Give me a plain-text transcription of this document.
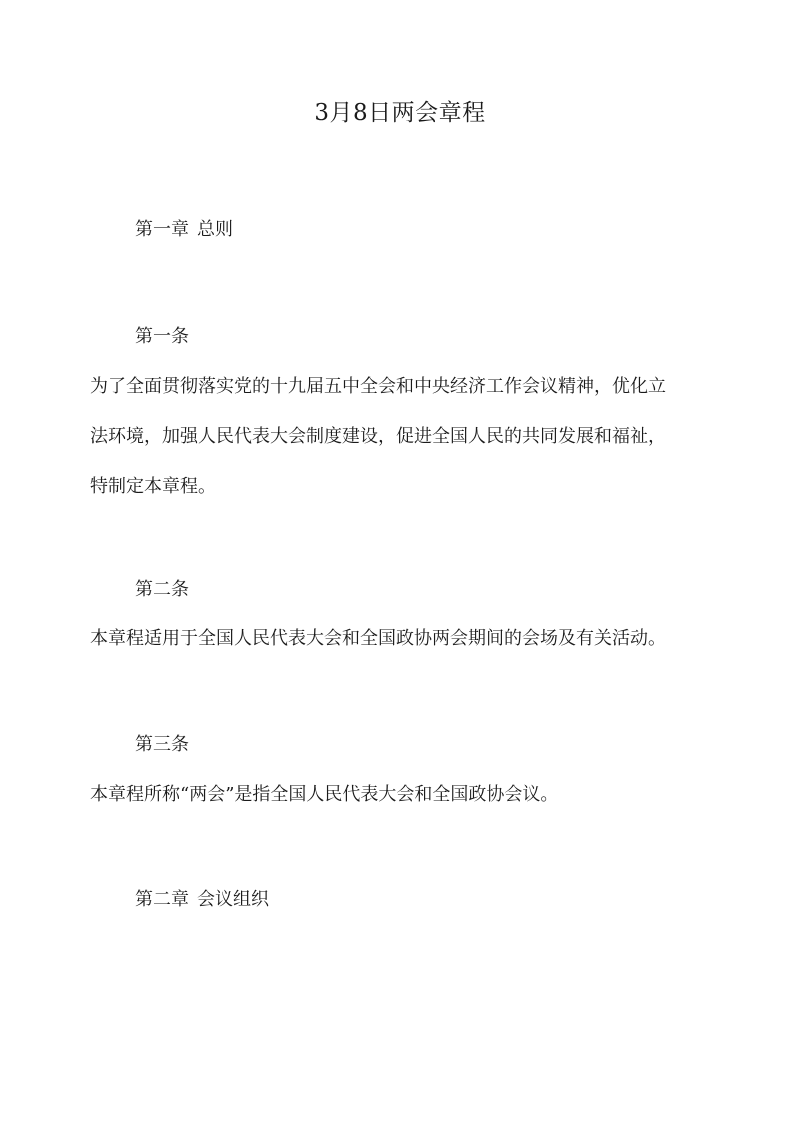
3月8日两会章程
第一章 总则
第一条
为了全面贯彻落实党的十九届五中全会和中央经济工作会议精神，优化立
法环境，加强人民代表大会制度建设，促进全国人民的共同发展和福祉，
特制定本章程。
第二条
本章程适用于全国人民代表大会和全国政协两会期间的会场及有关活动。
第三条
本章程所称“两会”是指全国人民代表大会和全国政协会议。
第二章 会议组织
